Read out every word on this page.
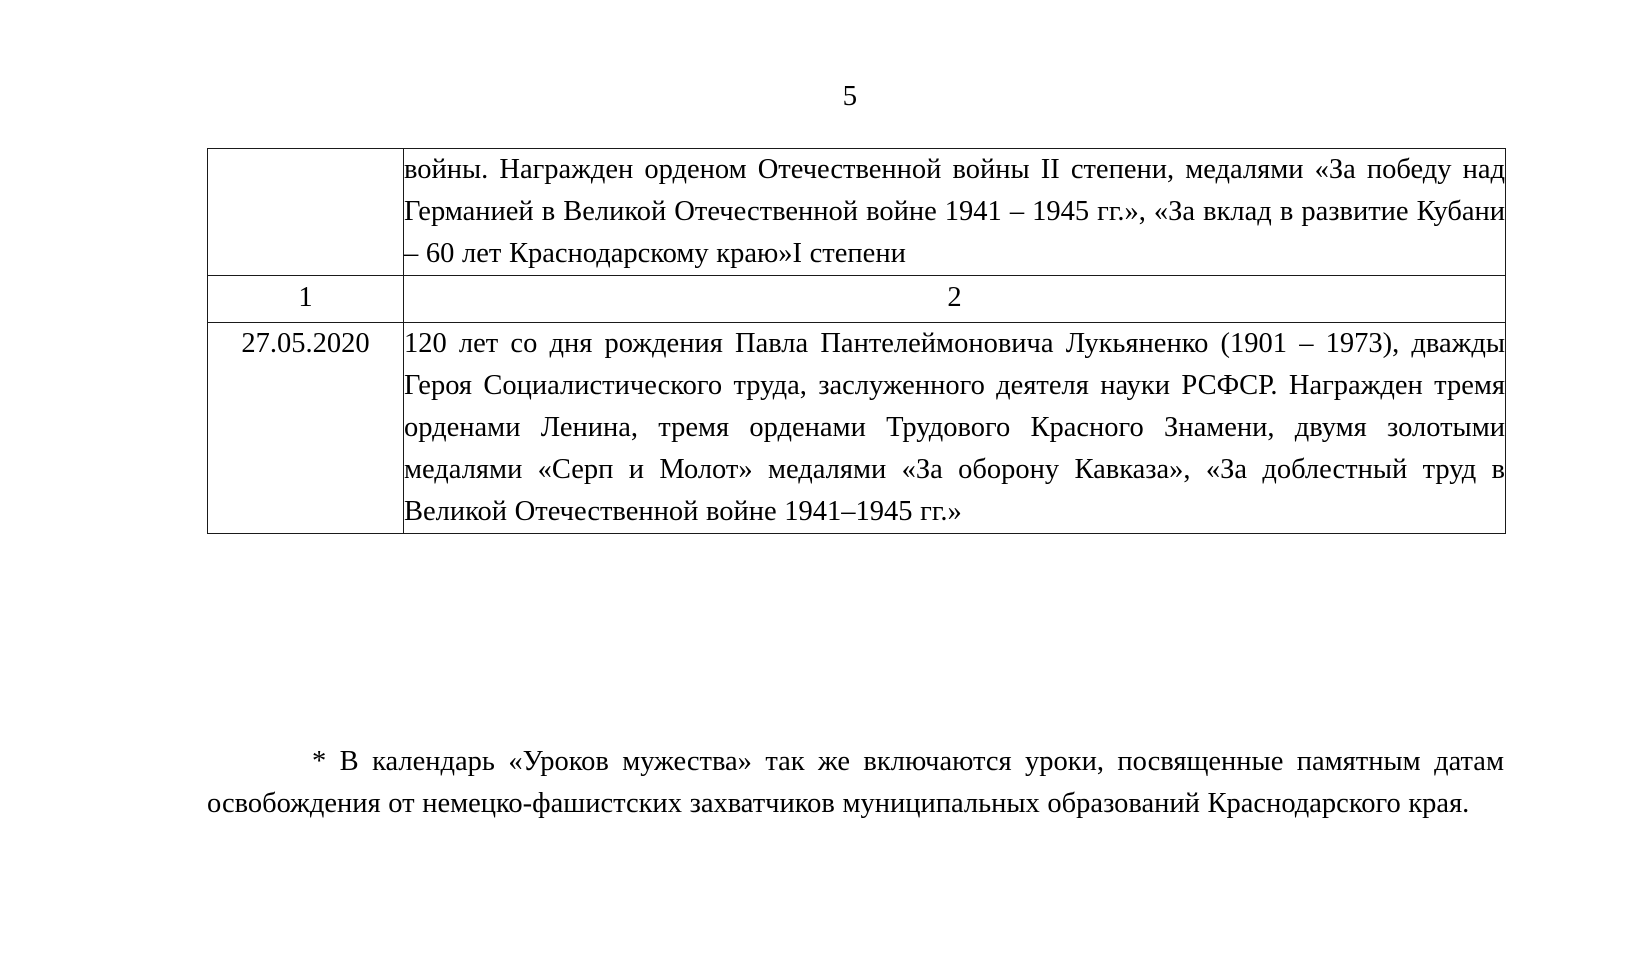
5
	войны. Награжден орденом Отечественной войны II степени, медалями «За победу над Германией в Великой Отечественной войне 1941 – 1945 гг.», «За вклад в развитие Кубани – 60 лет Краснодарскому краю»I степени
1	2
27.05.2020	120 лет со дня рождения Павла Пантелеймоновича Лукьяненко (1901 – 1973), дважды Героя Социалистического труда, заслуженного деятеля науки РСФСР. Награжден тремя орденами Ленина, тремя орденами Трудового Красного Знамени, двумя золотыми медалями «Серп и Молот» медалями «За оборону Кавказа», «За доблестный труд в Великой Отечественной войне 1941–1945 гг.»

* В календарь «Уроков мужества» так же включаются уроки, посвященные памятным датам освобождения от немецко-фашистских захватчиков муниципальных образований Краснодарского края.
